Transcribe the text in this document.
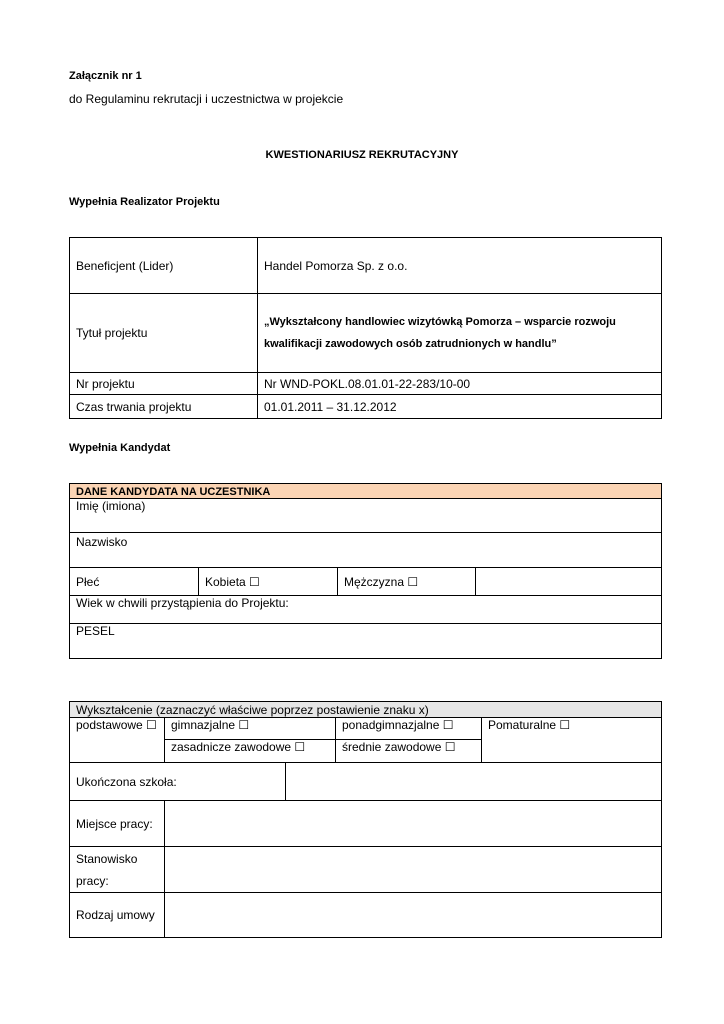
Załącznik nr 1
do Regulaminu rekrutacji i uczestnictwa w projekcie
KWESTIONARIUSZ REKRUTACYJNY
Wypełnia Realizator Projektu
Beneficjent (Lider)	Handel Pomorza Sp. z o.o.
Tytuł projektu	„Wykształcony handlowiec wizytówką Pomorza – wsparcie rozwoju
kwalifikacji zawodowych osób zatrudnionych w handlu”

Nr projektu	Nr WND-POKL.08.01.01-22-283/10-00
Czas trwania projektu	01.01.2011 – 31.12.2012
Wypełnia Kandydat
DANE KANDYDATA NA UCZESTNIKA
Imię (imiona)
Nazwisko
Płeć	Kobieta ☐	Mężczyzna ☐	
Wiek w chwili przystąpienia do Projektu:
PESEL
Wykształcenie (zaznaczyć właściwe poprzez postawienie znaku x)				
podstawowe ☐	gimnazjalne ☐		ponadgimnazjalne ☐	Pomaturalne ☐
	zasadnicze zawodowe ☐		średnie zawodowe ☐	
Ukończona szkoła:				
Miejsce pracy:				

Stanowisko
pracy:				

Rodzaj umowy				
